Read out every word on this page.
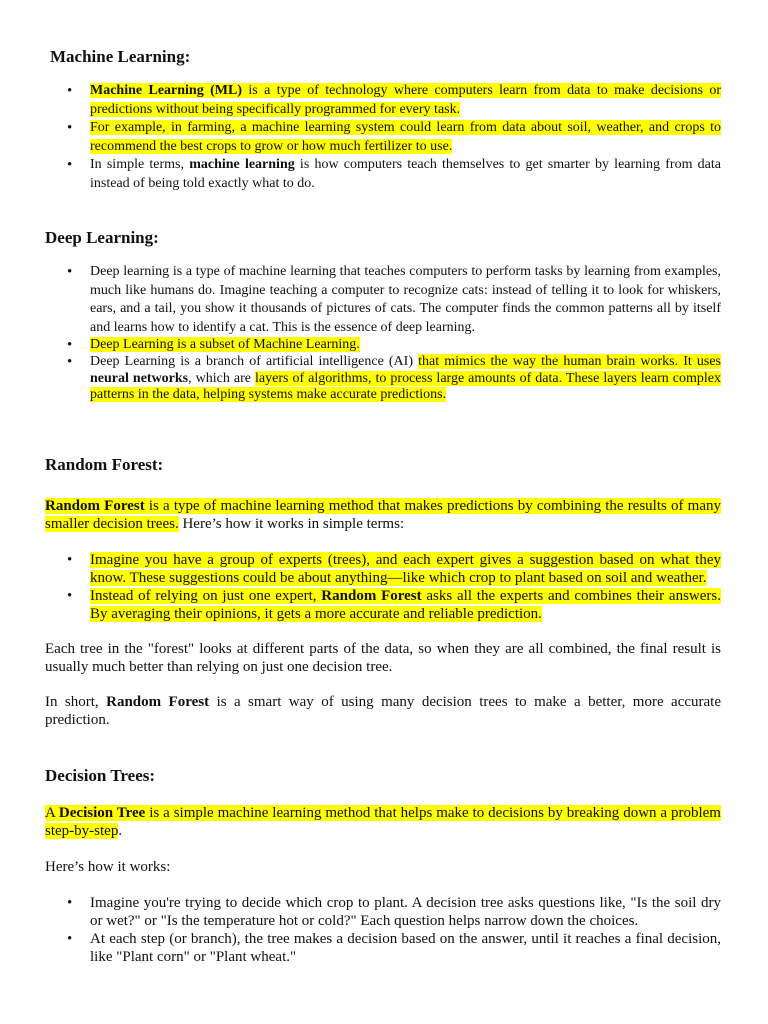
Machine Learning:
• Machine Learning (ML) is a type of technology where computers learn from data to make decisions or predictions without being specifically programmed for every task.
• For example, in farming, a machine learning system could learn from data about soil, weather, and crops to recommend the best crops to grow or how much fertilizer to use.
• In simple terms, machine learning is how computers teach themselves to get smarter by learning from data instead of being told exactly what to do.
Deep Learning:
• Deep learning is a type of machine learning that teaches computers to perform tasks by learning from examples, much like humans do. Imagine teaching a computer to recognize cats: instead of telling it to look for whiskers, ears, and a tail, you show it thousands of pictures of cats. The computer finds the common patterns all by itself and learns how to identify a cat. This is the essence of deep learning.
• Deep Learning is a subset of Machine Learning.
• Deep Learning is a branch of artificial intelligence (AI) that mimics the way the human brain works. It uses neural networks, which are layers of algorithms, to process large amounts of data. These layers learn complex patterns in the data, helping systems make accurate predictions.
Random Forest:

Random Forest is a type of machine learning method that makes predictions by combining the results of many smaller decision trees. Here’s how it works in simple terms:

• Imagine you have a group of experts (trees), and each expert gives a suggestion based on what they know. These suggestions could be about anything—like which crop to plant based on soil and weather.
• Instead of relying on just one expert, Random Forest asks all the experts and combines their answers. By averaging their opinions, it gets a more accurate and reliable prediction.

Each tree in the "forest" looks at different parts of the data, so when they are all combined, the final result is usually much better than relying on just one decision tree.

In short, Random Forest is a smart way of using many decision trees to make a better, more accurate prediction.

Decision Trees:

A Decision Tree is a simple machine learning method that helps make to decisions by breaking down a problem step-by-step.

Here’s how it works:

• Imagine you're trying to decide which crop to plant. A decision tree asks questions like, "Is the soil dry or wet?" or "Is the temperature hot or cold?" Each question helps narrow down the choices.
• At each step (or branch), the tree makes a decision based on the answer, until it reaches a final decision, like "Plant corn" or "Plant wheat."
